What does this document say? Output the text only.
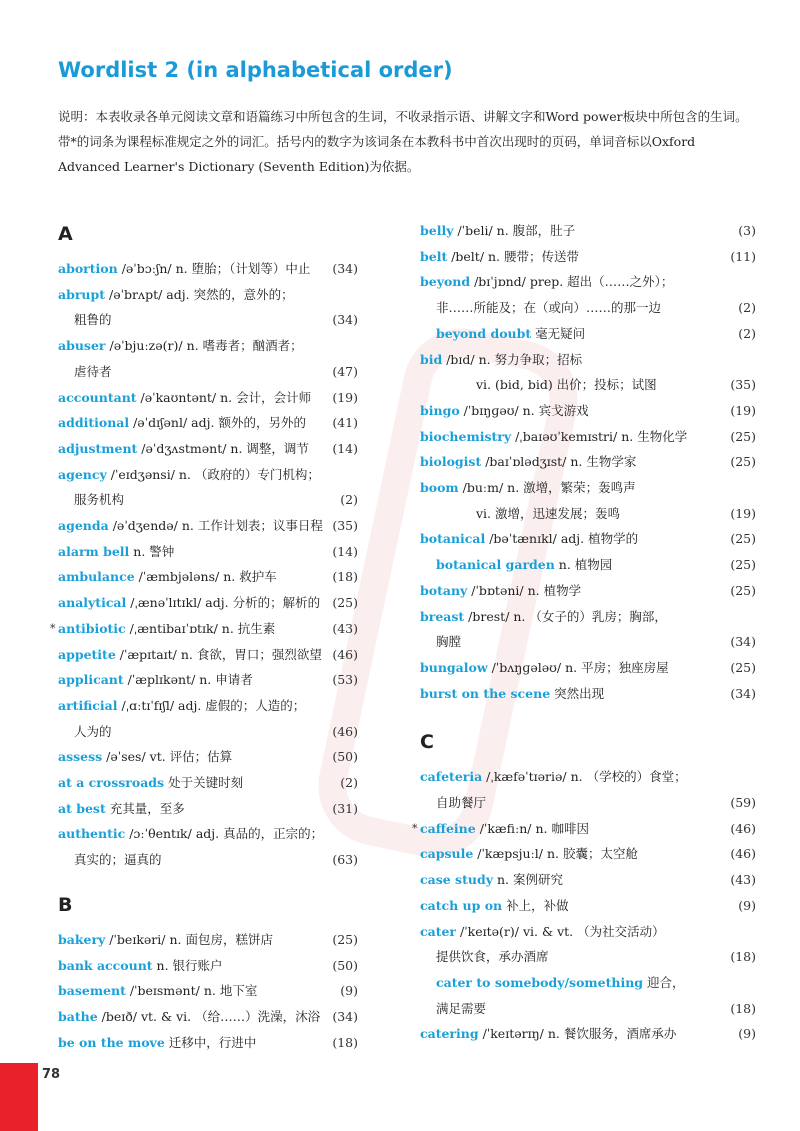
Wordlist 2 (in alphabetical order)
说明：本表收录各单元阅读文章和语篇练习中所包含的生词，不收录指示语、讲解文字和Word power板块中所包含的生词。带*的词条为课程标准规定之外的词汇。括号内的数字为该词条在本教科书中首次出现时的页码，单词音标以Oxford Advanced Learner's Dictionary (Seventh Edition)为依据。
A
abortion /əˈbɔːʃn/ n. 堕胎；（计划等）中止 (34)
abrupt /əˈbrʌpt/ adj. 突然的，意外的；
粗鲁的	(34)
abuser /əˈbjuːzə(r)/ n. 嗜毒者；酗酒者；
虐待者	(47)
accountant /əˈkaʊntənt/ n. 会计，会计师 (19)
additional /əˈdɪʃənl/ adj. 额外的，另外的 (41)
adjustment /əˈdʒʌstmənt/ n. 调整，调节 (14)
agency /ˈeɪdʒənsi/ n. （政府的）专门机构；
服务机构	(2)
agenda /əˈdʒendə/ n. 工作计划表；议事日程 (35)
alarm bell n. 警钟	(14)
ambulance /ˈæmbjələns/ n. 救护车	(18)
analytical /ˌænəˈlɪtɪkl/ adj. 分析的；解析的 (25)
* antibiotic /ˌæntibaɪˈɒtɪk/ n. 抗生素	(43)
appetite /ˈæpɪtaɪt/ n. 食欲，胃口；强烈欲望 (46)
applicant /ˈæplɪkənt/ n. 申请者	(53)
artificial /ˌɑːtɪˈfɪʃl/ adj. 虚假的；人造的；
人为的	(46)
assess /əˈses/ vt. 评估；估算	(50)
at a crossroads 处于关键时刻	(2)
at best 充其量，至多	(31)
authentic /ɔːˈθentɪk/ adj. 真品的，正宗的；
真实的；逼真的	(63)
B
bakery /ˈbeɪkəri/ n. 面包房，糕饼店	(25)
bank account n. 银行账户	(50)
basement /ˈbeɪsmənt/ n. 地下室	(9)
bathe /beɪð/ vt. & vi. （给……）洗澡，沐浴 (34)
be on the move 迁移中，行进中	(18)
belly /ˈbeli/ n. 腹部，肚子	(3)
belt /belt/ n. 腰带；传送带	(11)
beyond /bɪˈjɒnd/ prep. 超出（……之外）；
非……所能及；在（或向）……的那一边	(2)
beyond doubt 毫无疑问	(2)
bid /bɪd/ n. 努力争取；招标
vi. (bid, bid) 出价；投标；试图	(35)
bingo /ˈbɪŋɡəʊ/ n. 宾戈游戏	(19)
biochemistry /ˌbaɪəʊˈkemɪstri/ n. 生物化学	(25)
biologist /baɪˈɒlədʒɪst/ n. 生物学家	(25)
boom /buːm/ n. 激增，繁荣；轰鸣声
vi. 激增，迅速发展；轰鸣	(19)
botanical /bəˈtænɪkl/ adj. 植物学的	(25)
botanical garden n. 植物园	(25)
botany /ˈbɒtəni/ n. 植物学	(25)
breast /brest/ n. （女子的）乳房；胸部，
胸膛	(34)
bungalow /ˈbʌŋɡələʊ/ n. 平房；独座房屋	(25)
burst on the scene 突然出现	(34)
C
cafeteria /ˌkæfəˈtɪəriə/ n. （学校的）食堂；
自助餐厅	(59)
* caffeine /ˈkæfiːn/ n. 咖啡因	(46)
capsule /ˈkæpsjuːl/ n. 胶囊；太空舱	(46)
case study n. 案例研究	(43)
catch up on 补上，补做	(9)
cater /ˈkeɪtə(r)/ vi. & vt. （为社交活动）
提供饮食，承办酒席	(18)
cater to somebody/something 迎合，
满足需要	(18)
catering /ˈkeɪtərɪŋ/ n. 餐饮服务，酒席承办	(9)
78
